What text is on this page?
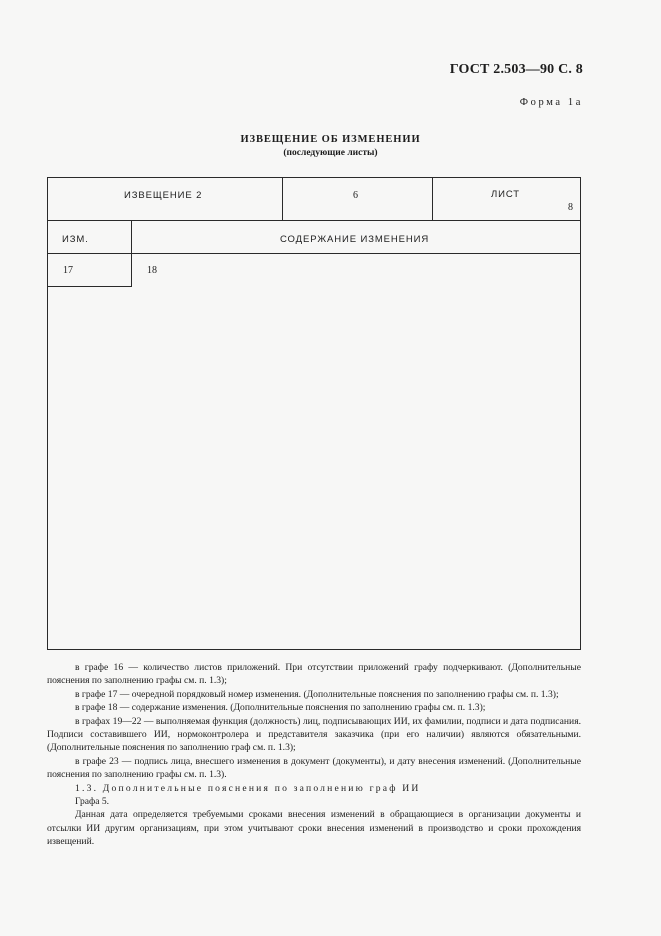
ГОСТ 2.503—90 С. 8
Форма 1а
ИЗВЕЩЕНИЕ ОБ ИЗМЕНЕНИИ
(последующие листы)
ИЗВЕЩЕНИЕ 2	6	ЛИСТ
8
ИЗМ.	СОДЕРЖАНИЕ ИЗМЕНЕНИЯ
17	18

в графе 16 — количество листов приложений. При отсутствии приложений графу подчеркивают. (Дополнительные пояснения по заполнению графы см. п. 1.3);

в графе 17 — очередной порядковый номер изменения. (Дополнительные пояснения по заполнению графы см. п. 1.3);

в графе 18 — содержание изменения. (Дополнительные пояснения по заполнению графы см. п. 1.3);

в графах 19—22 — выполняемая функция (должность) лиц, подписывающих ИИ, их фамилии, подписи и дата подписания. Подписи составившего ИИ, нормоконтролера и представителя заказчика (при его наличии) являются обязательными. (Дополнительные пояснения по заполнению граф см. п. 1.3);

в графе 23 — подпись лица, внесшего изменения в документ (документы), и дату внесения изменений. (Дополнительные пояснения по заполнению графы см. п. 1.3).

1.3. Дополнительные пояснения по заполнению граф ИИ

Графа 5.

Данная дата определяется требуемыми сроками внесения изменений в обращающиеся в организации документы и отсылки ИИ другим организациям, при этом учитывают сроки внесения изменений в производство и сроки прохождения извещений.
